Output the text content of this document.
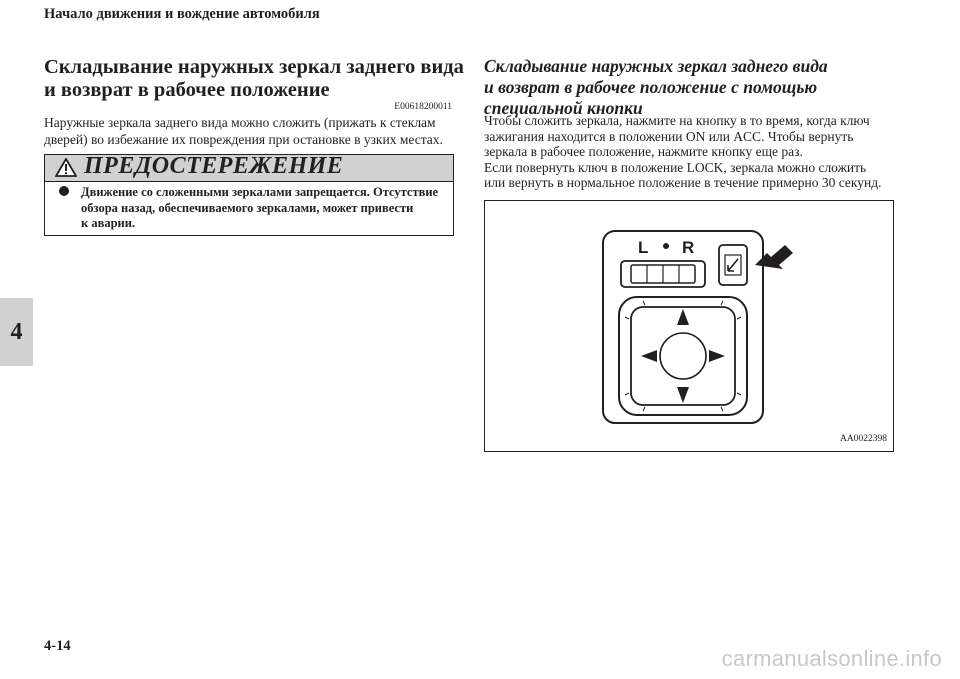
Начало движения и вождение автомобиля
4
Складывание наружных зеркал заднего вида
и возврат в рабочее положение
E00618200011
Наружные зеркала заднего вида можно сложить (прижать к стеклам
дверей) во избежание их повреждения при остановке в узких местах.
ПРЕДОСТЕРЕЖЕНИЕ
Движение со сложенными зеркалами запрещается. Отсутствие
обзора назад, обеспечиваемого зеркалами, может привести
к аварии.
Складывание наружных зеркал заднего вида
и возврат в рабочее положение с помощью
специальной кнопки
Чтобы сложить зеркала, нажмите на кнопку в то время, когда ключ
зажигания находится в положении ON или ACC. Чтобы вернуть
зеркала в рабочее положение, нажмите кнопку еще раз.
Если повернуть ключ в положение LOCK, зеркала можно сложить
или вернуть в нормальное положение в течение примерно 30 секунд.
L R
AA0022398
4-14	carmanualsonline.info
